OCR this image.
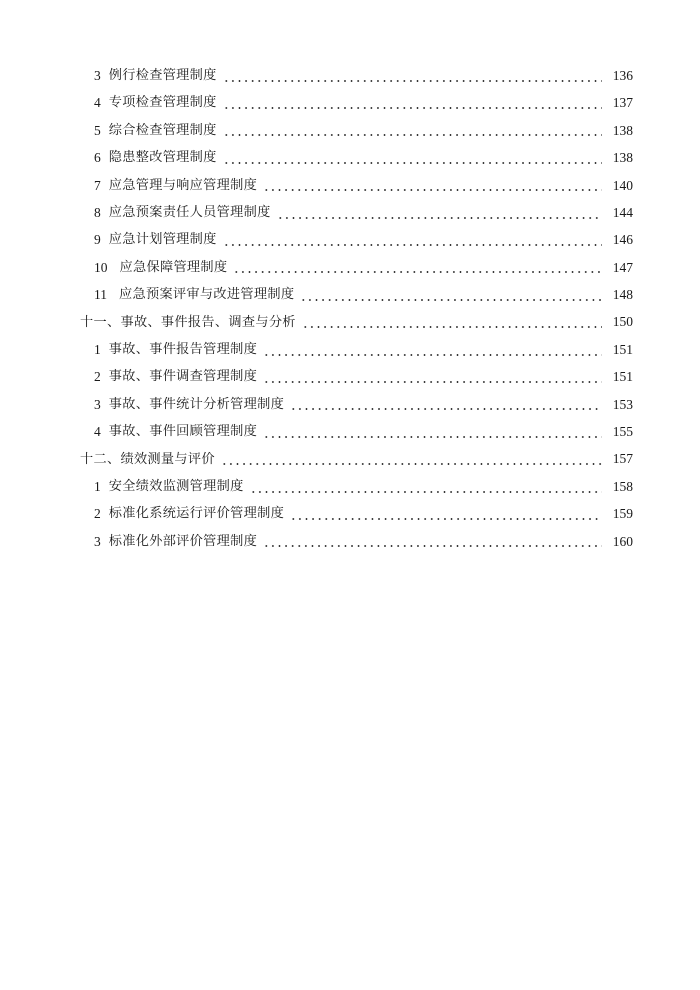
3 例行检查管理制度	136
4 专项检查管理制度	137
5 综合检查管理制度	138
6 隐患整改管理制度	138
7 应急管理与响应管理制度	140
8 应急预案责任人员管理制度	144
9 应急计划管理制度	146
10 应急保障管理制度	147
11 应急预案评审与改进管理制度	148
十一、事故、事件报告、调查与分析	150
1 事故、事件报告管理制度	151
2 事故、事件调查管理制度	151
3 事故、事件统计分析管理制度	153
4 事故、事件回顾管理制度	155
十二、绩效测量与评价	157
1 安全绩效监测管理制度	158
2 标准化系统运行评价管理制度	159
3 标准化外部评价管理制度	160
